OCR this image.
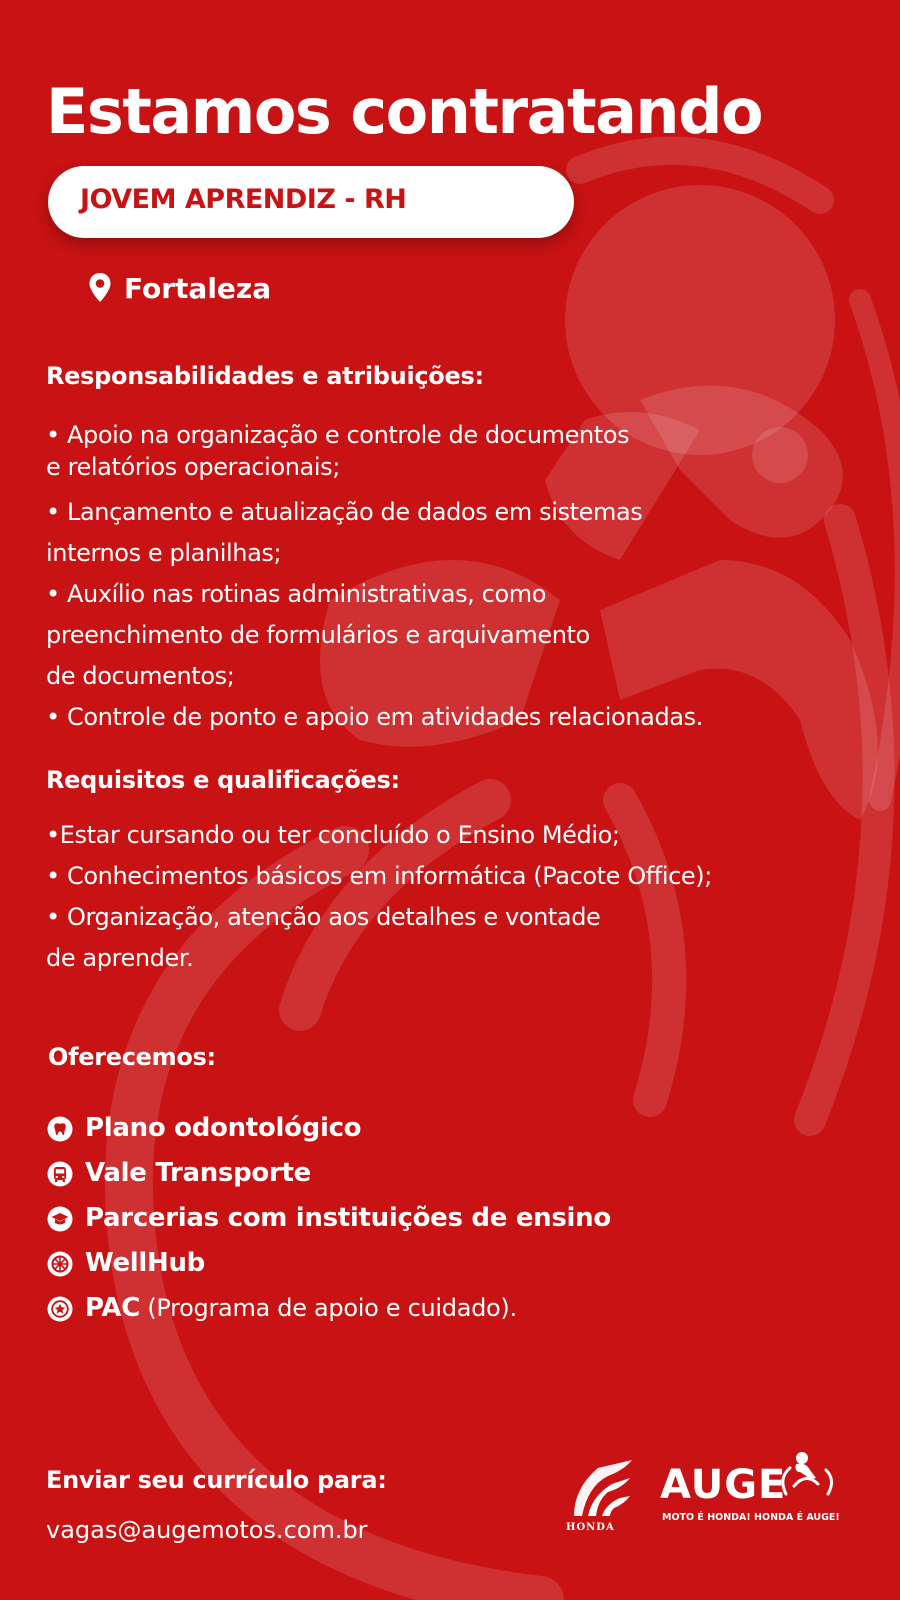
Estamos contratando
JOVEM APRENDIZ - RH
Fortaleza
Responsabilidades e atribuições:
• Apoio na organização e controle de documentos
e relatórios operacionais;
• Lançamento e atualização de dados em sistemas
internos e planilhas;
• Auxílio nas rotinas administrativas, como
preenchimento de formulários e arquivamento
de documentos;
• Controle de ponto e apoio em atividades relacionadas.
Requisitos e qualificações:
•Estar cursando ou ter concluído o Ensino Médio;
• Conhecimentos básicos em informática (Pacote Office);
• Organização, atenção aos detalhes e vontade
de aprender.
Oferecemos:
Plano odontológico
Vale Transporte
Parcerias com instituições de ensino
WellHub
PAC (Programa de apoio e cuidado).
Enviar seu currículo para:
vagas@augemotos.com.br	HONDA
AUGE
MOTO É HONDA! HONDA É AUGE!
